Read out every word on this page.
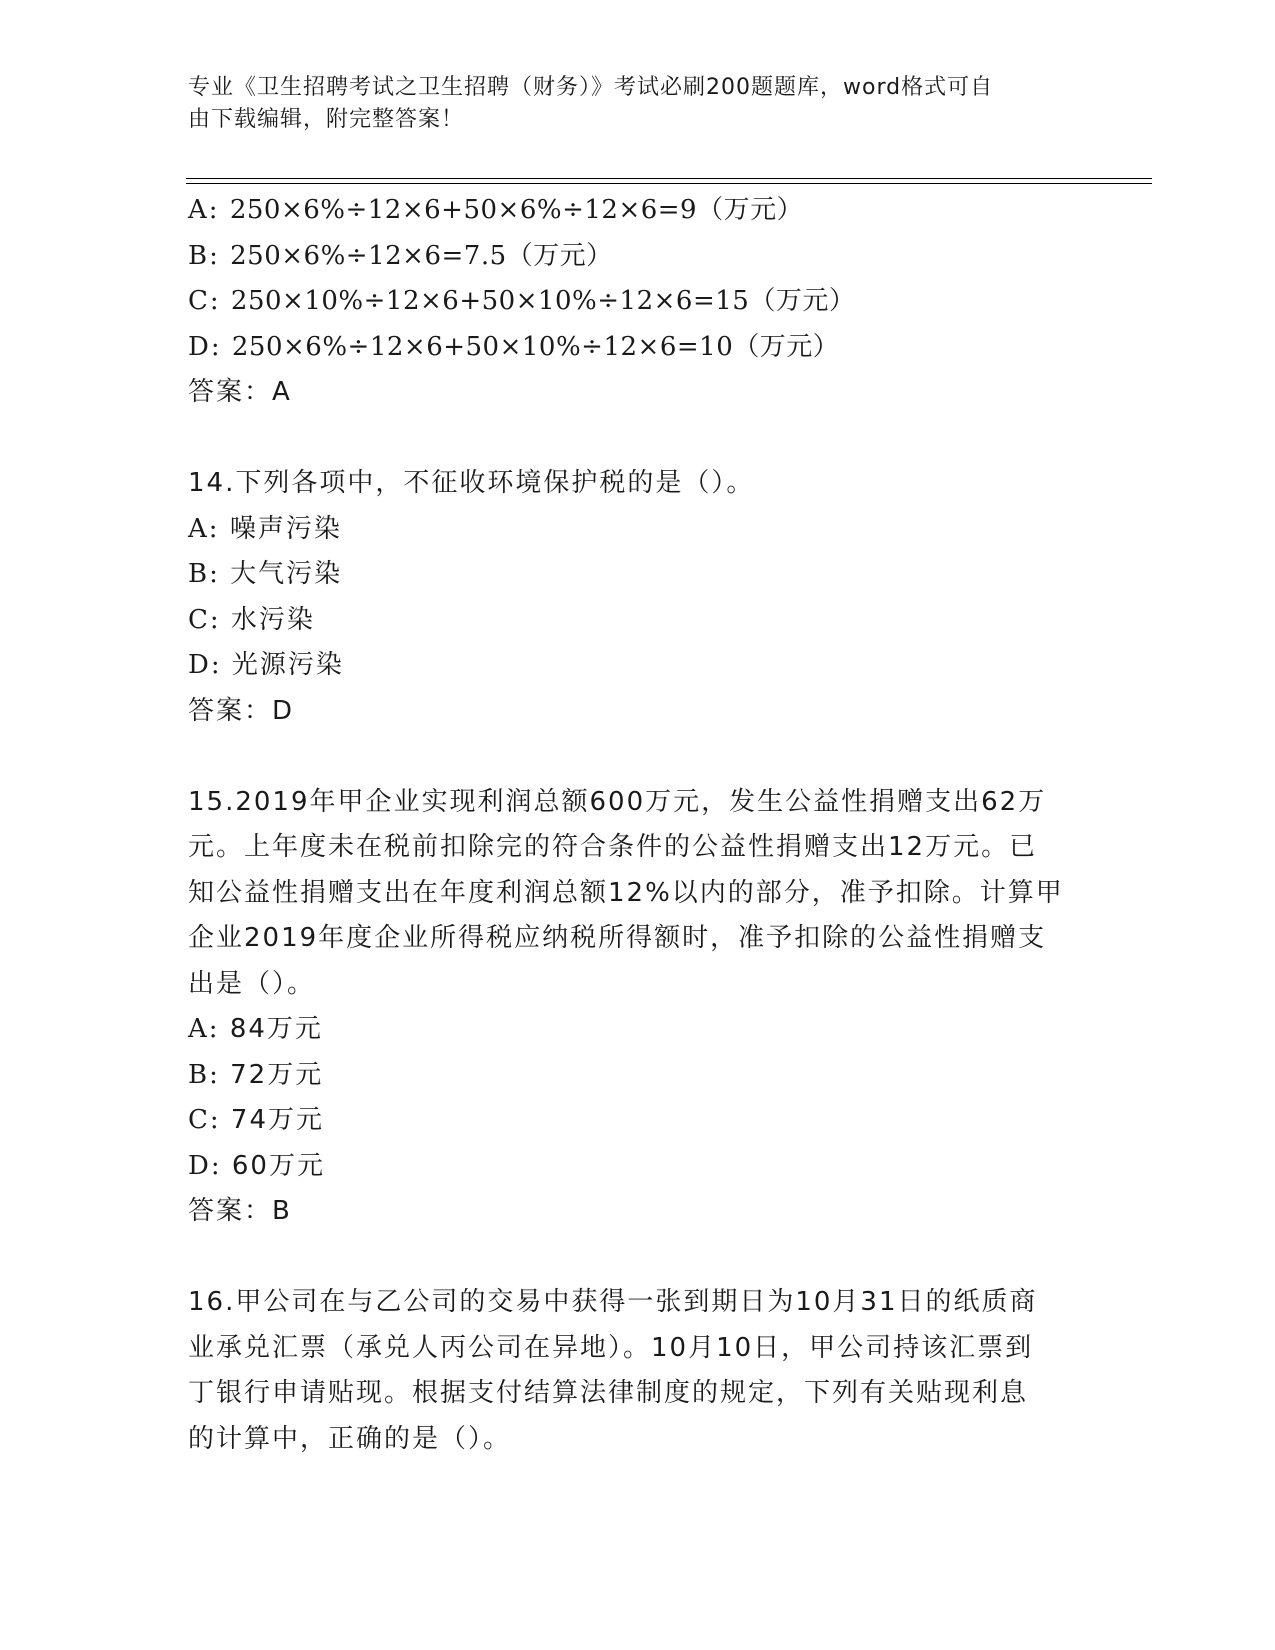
专业《卫生招聘考试之卫生招聘（财务）》考试必刷200题题库，word格式可自
由下载编辑，附完整答案！
A: 250×6%÷12×6+50×6%÷12×6=9（万元）
B: 250×6%÷12×6=7.5（万元）
C: 250×10%÷12×6+50×10%÷12×6=15（万元）
D: 250×6%÷12×6+50×10%÷12×6=10（万元）
答案：A
14.下列各项中，不征收环境保护税的是（）。
A: 噪声污染
B: 大气污染
C: 水污染
D: 光源污染
答案：D
15.2019年甲企业实现利润总额600万元，发生公益性捐赠支出62万
元。上年度未在税前扣除完的符合条件的公益性捐赠支出12万元。已
知公益性捐赠支出在年度利润总额12%以内的部分，准予扣除。计算甲
企业2019年度企业所得税应纳税所得额时，准予扣除的公益性捐赠支
出是（）。
A: 84万元
B: 72万元
C: 74万元
D: 60万元
答案：B
16.甲公司在与乙公司的交易中获得一张到期日为10月31日的纸质商
业承兑汇票（承兑人丙公司在异地）。10月10日，甲公司持该汇票到
丁银行申请贴现。根据支付结算法律制度的规定，下列有关贴现利息
的计算中，正确的是（）。
